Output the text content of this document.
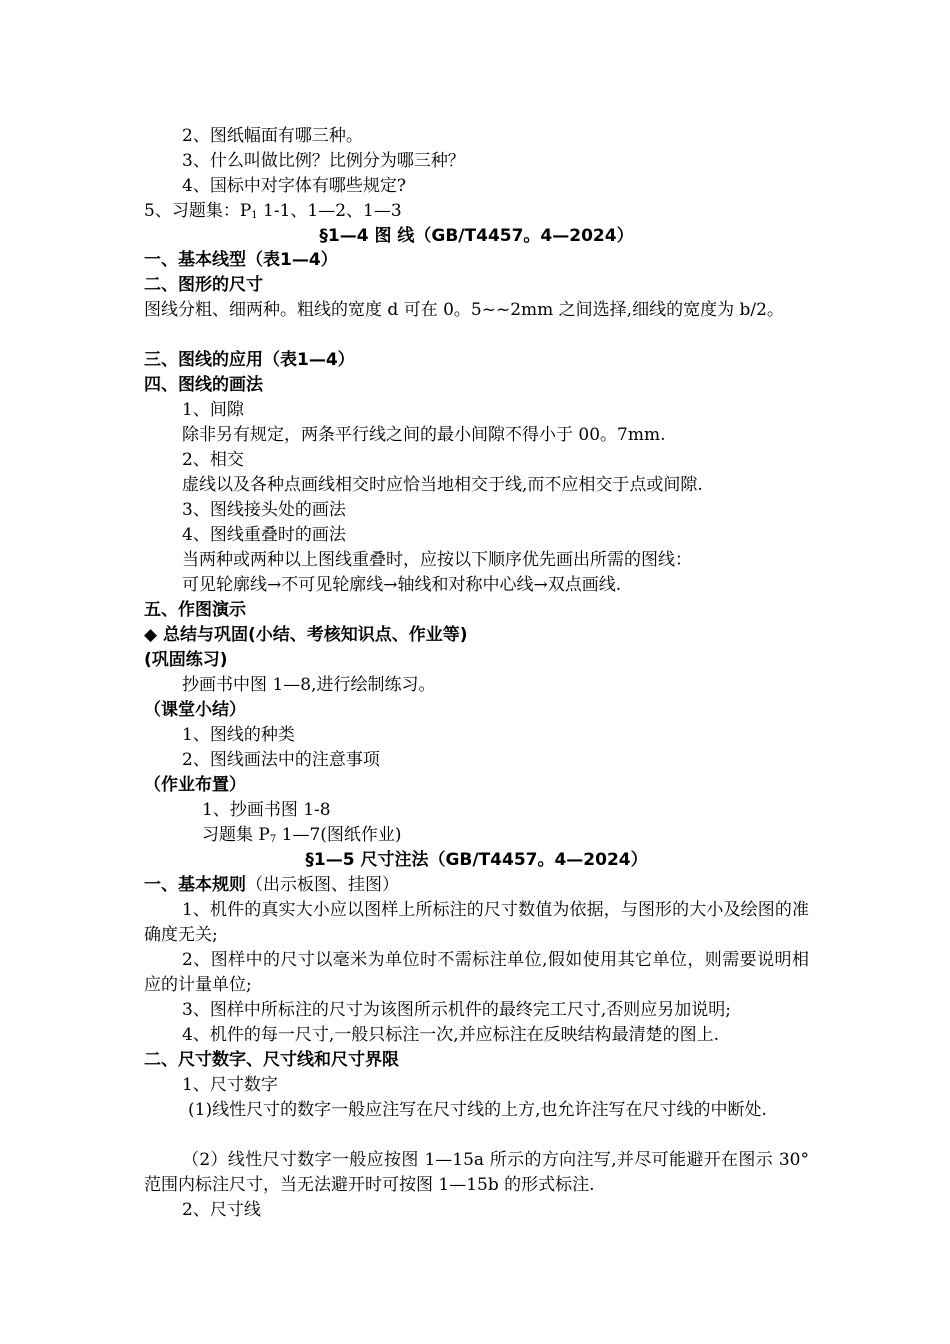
2、图纸幅面有哪三种。
3、什么叫做比例？比例分为哪三种？
4、国标中对字体有哪些规定?
5、习题集：$P_1$ 1-1、1—2、1—3
§1—4 图 线（GB/T4457。4—2024）
一、基本线型（表1—4）
二、图形的尺寸
图线分粗、细两种。粗线的宽度 d 可在 0。5~~2mm 之间选择,细线的宽度为 b/2。
三、图线的应用（表1—4）
四、图线的画法
1、间隙
除非另有规定，两条平行线之间的最小间隙不得小于 00。7mm.
2、相交
虚线以及各种点画线相交时应恰当地相交于线,而不应相交于点或间隙.
3、图线接头处的画法
4、图线重叠时的画法
当两种或两种以上图线重叠时，应按以下顺序优先画出所需的图线：
可见轮廓线→不可见轮廓线→轴线和对称中心线→双点画线.
五、作图演示
◆ 总结与巩固(小结、考核知识点、作业等)
(巩固练习)
抄画书中图 1—8,进行绘制练习。
（课堂小结）
1、图线的种类
2、图线画法中的注意事项
（作业布置）
1、抄画书图 1-8
习题集 $P_7$ 1—7(图纸作业)
§1—5 尺寸注法（GB/T4457。4—2024）
一、基本规则（出示板图、挂图）
1、机件的真实大小应以图样上所标注的尺寸数值为依据，与图形的大小及绘图的准确度无关;
2、图样中的尺寸以毫米为单位时不需标注单位,假如使用其它单位，则需要说明相应的计量单位;
3、图样中所标注的尺寸为该图所示机件的最终完工尺寸,否则应另加说明;
4、机件的每一尺寸,一般只标注一次,并应标注在反映结构最清楚的图上.
二、尺寸数字、尺寸线和尺寸界限
1、尺寸数字
(1)线性尺寸的数字一般应注写在尺寸线的上方,也允许注写在尺寸线的中断处.
（2）线性尺寸数字一般应按图 1—15a 所示的方向注写,并尽可能避开在图示 30°范围内标注尺寸，当无法避开时可按图 1—15b 的形式标注.
2、尺寸线
